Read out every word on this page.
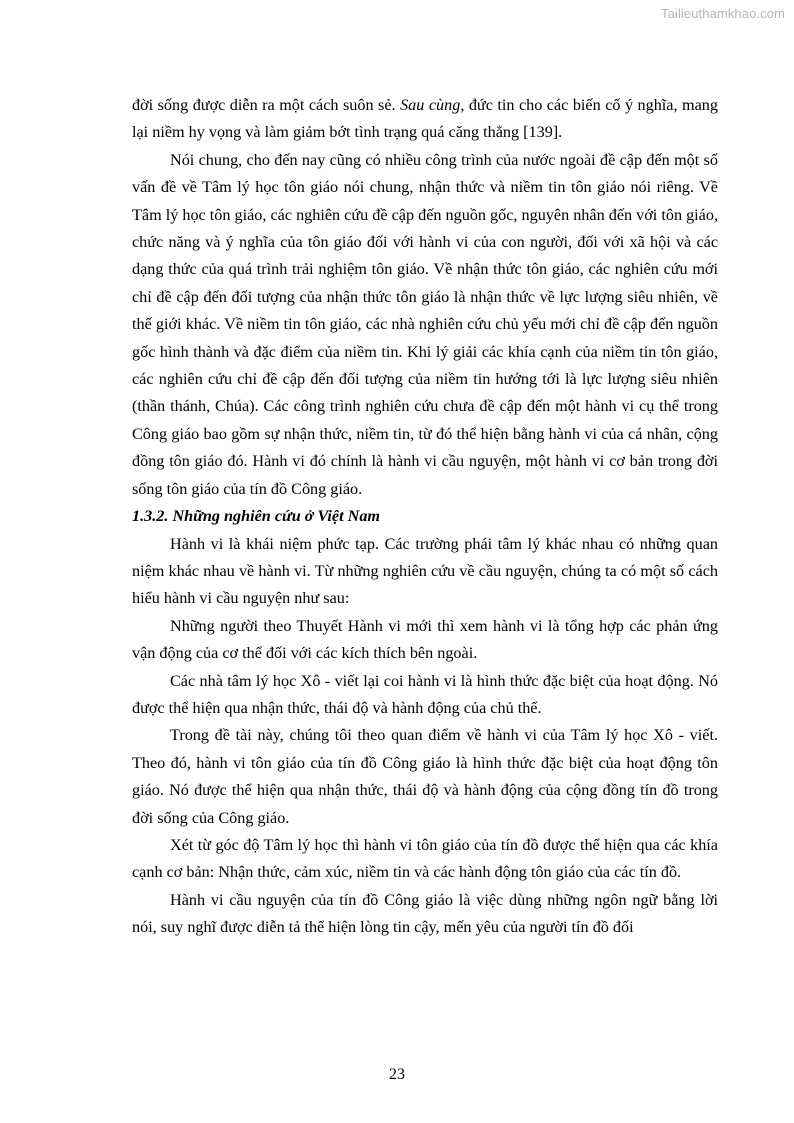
Tailieuthamkhao.com

đời sống được diễn ra một cách suôn sẻ. Sau cùng, đức tin cho các biến cố ý nghĩa, mang lại niềm hy vọng và làm giảm bớt tình trạng quá căng thẳng [139].

Nói chung, cho đến nay cũng có nhiều công trình của nước ngoài đề cập đến một số vấn đề về Tâm lý học tôn giáo nói chung, nhận thức và niềm tin tôn giáo nói riêng. Về Tâm lý học tôn giáo, các nghiên cứu đề cập đến nguồn gốc, nguyên nhân đến với tôn giáo, chức năng và ý nghĩa của tôn giáo đối với hành vi của con người, đối với xã hội và các dạng thức của quá trình trải nghiệm tôn giáo. Về nhận thức tôn giáo, các nghiên cứu mới chỉ đề cập đến đối tượng của nhận thức tôn giáo là nhận thức về lực lượng siêu nhiên, về thế giới khác. Về niềm tin tôn giáo, các nhà nghiên cứu chủ yếu mới chỉ đề cập đến nguồn gốc hình thành và đặc điểm của niềm tin. Khi lý giải các khía cạnh của niềm tin tôn giáo, các nghiên cứu chỉ đề cập đến đối tượng của niềm tin hướng tới là lực lượng siêu nhiên (thần thánh, Chúa). Các công trình nghiên cứu chưa đề cập đến một hành vi cụ thể trong Công giáo bao gồm sự nhận thức, niềm tin, từ đó thể hiện bằng hành vi của cá nhân, cộng đồng tôn giáo đó. Hành vi đó chính là hành vi cầu nguyện, một hành vi cơ bản trong đời sống tôn giáo của tín đồ Công giáo.

1.3.2. Những nghiên cứu ở Việt Nam

Hành vi là khái niệm phức tạp. Các trường phái tâm lý khác nhau có những quan niệm khác nhau về hành vi. Từ những nghiên cứu về cầu nguyện, chúng ta có một số cách hiểu hành vi cầu nguyện như sau:

Những người theo Thuyết Hành vi mới thì xem hành vi là tổng hợp các phản ứng vận động của cơ thể đối với các kích thích bên ngoài.

Các nhà tâm lý học Xô - viết lại coi hành vi là hình thức đặc biệt của hoạt động. Nó được thể hiện qua nhận thức, thái độ và hành động của chủ thể.

Trong đề tài này, chúng tôi theo quan điểm về hành vi của Tâm lý học Xô - viết. Theo đó, hành vi tôn giáo của tín đồ Công giáo là hình thức đặc biệt của hoạt động tôn giáo. Nó được thể hiện qua nhận thức, thái độ và hành động của cộng đồng tín đồ trong đời sống của Công giáo.

Xét từ góc độ Tâm lý học thì hành vi tôn giáo của tín đồ được thể hiện qua các khía cạnh cơ bản: Nhận thức, cảm xúc, niềm tin và các hành động tôn giáo của các tín đồ.

Hành vi cầu nguyện của tín đồ Công giáo là việc dùng những ngôn ngữ bằng lời nói, suy nghĩ được diễn tả thể hiện lòng tin cậy, mến yêu của người tín đồ đối

23
